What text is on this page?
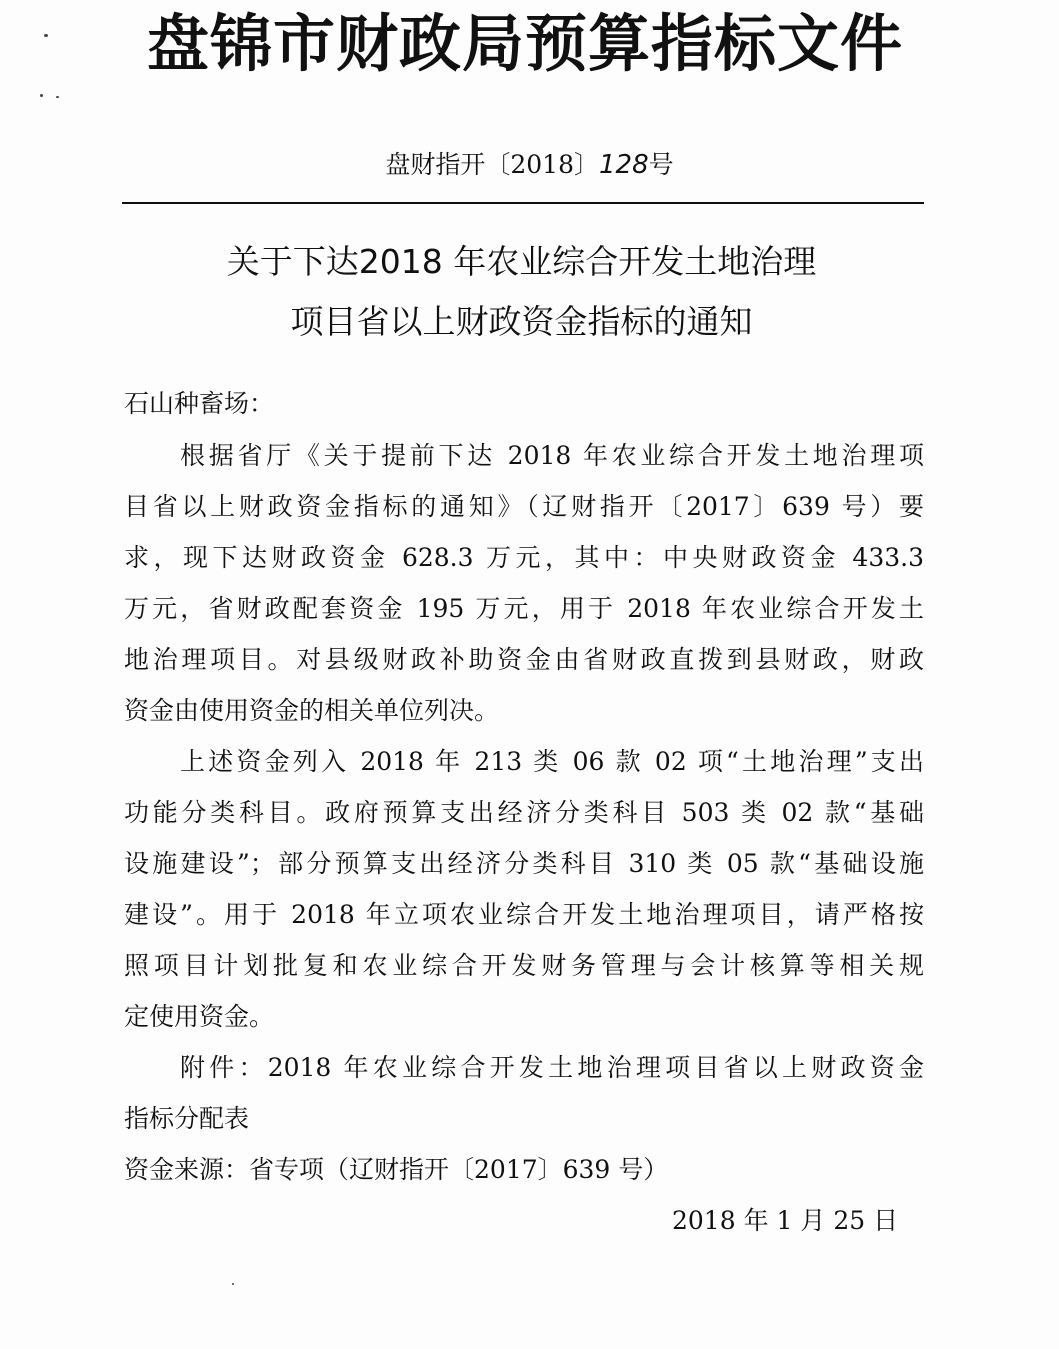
盘锦市财政局预算指标文件
盘财指开〔2018〕128号
关于下达2018 年农业综合开发土地治理
项目省以上财政资金指标的通知
石山种畜场：
根据省厅《关于提前下达 2018 年农业综合开发土地治理项
目省以上财政资金指标的通知》（辽财指开〔2017〕639 号）要
求，现下达财政资金 628.3 万元，其中：中央财政资金 433.3
万元，省财政配套资金 195 万元，用于 2018 年农业综合开发土
地治理项目。对县级财政补助资金由省财政直拨到县财政，财政
资金由使用资金的相关单位列决。
上述资金列入 2018 年 213 类 06 款 02 项“土地治理”支出
功能分类科目。政府预算支出经济分类科目 503 类 02 款“基础
设施建设”；部分预算支出经济分类科目 310 类 05 款“基础设施
建设”。用于 2018 年立项农业综合开发土地治理项目，请严格按
照项目计划批复和农业综合开发财务管理与会计核算等相关规
定使用资金。
附件：2018 年农业综合开发土地治理项目省以上财政资金
指标分配表
资金来源：省专项（辽财指开〔2017〕639 号）
2018 年 1 月 25 日
